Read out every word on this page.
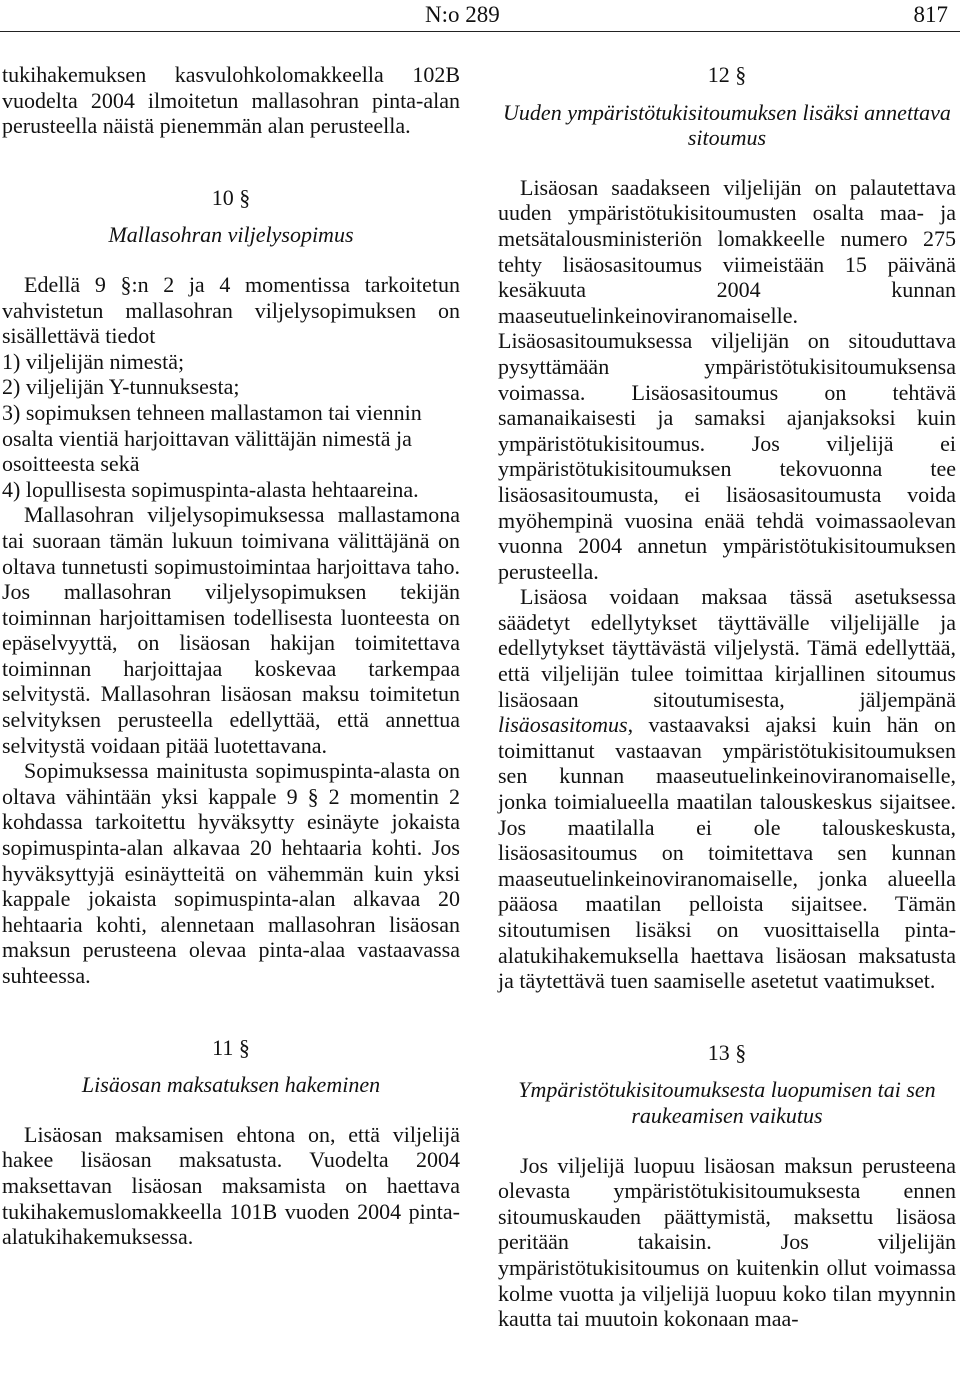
N:o 289	817

tukihakemuksen kasvulohkolomakkeella 102B vuodelta 2004 ilmoitetun mallasohran pinta-alan perusteella näistä pienemmän alan perusteella.

10 §

Mallasohran viljelysopimus

Edellä 9 §:n 2 ja 4 momentissa tarkoitetun vahvistetun mallasohran viljelysopimuksen on sisällettävä tiedot

1) viljelijän nimestä;

2) viljelijän Y-tunnuksesta;

3) sopimuksen tehneen mallastamon tai viennin osalta vientiä harjoittavan välittäjän nimestä ja osoitteesta sekä

4) lopullisesta sopimuspinta-alasta hehtaareina.

Mallasohran viljelysopimuksessa mallastamona tai suoraan tämän lukuun toimivana välittäjänä on oltava tunnetusti sopimustoimintaa harjoittava taho. Jos mallasohran viljelysopimuksen tekijän toiminnan harjoittamisen todellisesta luonteesta on epäselvyyttä, on lisäosan hakijan toimitettava toiminnan harjoittajaa koskevaa tarkempaa selvitystä. Mallasohran lisäosan maksu toimitetun selvityksen perusteella edellyttää, että annettua selvitystä voidaan pitää luotettavana.

Sopimuksessa mainitusta sopimuspinta-alasta on oltava vähintään yksi kappale 9 § 2 momentin 2 kohdassa tarkoitettu hyväksytty esinäyte jokaista sopimuspinta-alan alkavaa 20 hehtaaria kohti. Jos hyväksyttyjä esinäytteitä on vähemmän kuin yksi kappale jokaista sopimuspinta-alan alkavaa 20 hehtaaria kohti, alennetaan mallasohran lisäosan maksun perusteena olevaa pinta-alaa vastaavassa suhteessa.

11 §

Lisäosan maksatuksen hakeminen

Lisäosan maksamisen ehtona on, että viljelijä hakee lisäosan maksatusta. Vuodelta 2004 maksettavan lisäosan maksamista on haettava tukihakemuslomakkeella 101B vuoden 2004 pinta-alatukihakemuksessa.

12 §

Uuden ympäristötukisitoumuksen lisäksi annettava sitoumus

Lisäosan saadakseen viljelijän on palautettava uuden ympäristötukisitoumusten osalta maa- ja metsätalousministeriön lomakkeelle numero 275 tehty lisäosasitoumus viimeistään 15 päivänä kesäkuuta 2004 kunnan maaseutuelinkeinoviranomaiselle. Lisäosasitoumuksessa viljelijän on sitouduttava pysyttämään ympäristötukisitoumuksensa voimassa. Lisäosasitoumus on tehtävä samanaikaisesti ja samaksi ajanjaksoksi kuin ympäristötukisitoumus. Jos viljelijä ei ympäristötukisitoumuksen tekovuonna tee lisäosasitoumusta, ei lisäosasitoumusta voida myöhempinä vuosina enää tehdä voimassaolevan vuonna 2004 annetun ympäristötukisitoumuksen perusteella.

Lisäosa voidaan maksaa tässä asetuksessa säädetyt edellytykset täyttävälle viljelijälle ja edellytykset täyttävästä viljelystä. Tämä edellyttää, että viljelijän tulee toimittaa kirjallinen sitoumus lisäosaan sitoutumisesta, jäljempänä lisäosasitomus, vastaavaksi ajaksi kuin hän on toimittanut vastaavan ympäristötukisitoumuksen sen kunnan maaseutuelinkeinoviranomaiselle, jonka toimialueella maatilan talouskeskus sijaitsee. Jos maatilalla ei ole talouskeskusta, lisäosasitoumus on toimitettava sen kunnan maaseutuelinkeinoviranomaiselle, jonka alueella pääosa maatilan pelloista sijaitsee. Tämän sitoutumisen lisäksi on vuosittaisella pinta-alatukihakemuksella haettava lisäosan maksatusta ja täytettävä tuen saamiselle asetetut vaatimukset.

13 §

Ympäristötukisitoumuksesta luopumisen tai sen raukeamisen vaikutus

Jos viljelijä luopuu lisäosan maksun perusteena olevasta ympäristötukisitoumuksesta ennen sitoumuskauden päättymistä, maksettu lisäosa peritään takaisin. Jos viljelijän ympäristötukisitoumus on kuitenkin ollut voimassa kolme vuotta ja viljelijä luopuu koko tilan myynnin kautta tai muutoin kokonaan maa-
